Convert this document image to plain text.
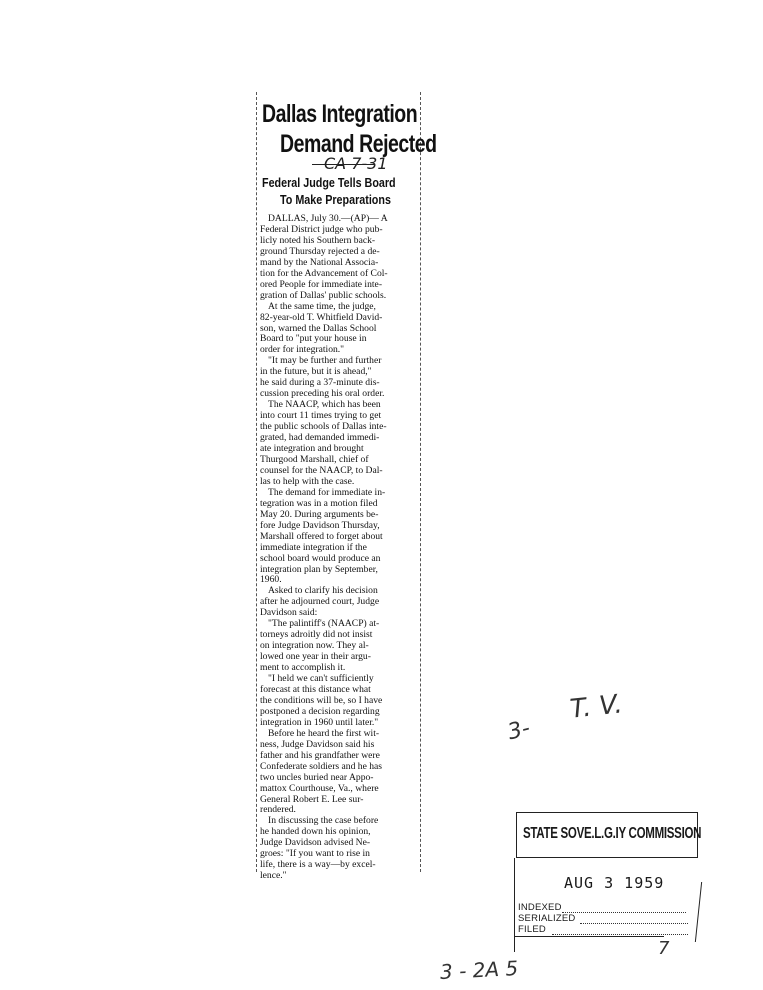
Dallas Integration
Demand Rejected
CA 7-31
Federal Judge Tells Board
To Make Preparations
DALLAS, July 30.—(AP)— A
Federal District judge who pub-
licly noted his Southern back-
ground Thursday rejected a de-
mand by the National Associa-
tion for the Advancement of Col-
ored People for immediate inte-
gration of Dallas' public schools.
At the same time, the judge,
82-year-old T. Whitfield David-
son, warned the Dallas School
Board to "put your house in
order for integration."
"It may be further and further
in the future, but it is ahead,"
he said during a 37-minute dis-
cussion preceding his oral order.
The NAACP, which has been
into court 11 times trying to get
the public schools of Dallas inte-
grated, had demanded immedi-
ate integration and brought
Thurgood Marshall, chief of
counsel for the NAACP, to Dal-
las to help with the case.
The demand for immediate in-
tegration was in a motion filed
May 20. During arguments be-
fore Judge Davidson Thursday,
Marshall offered to forget about
immediate integration if the
school board would produce an
integration plan by September,
1960.
Asked to clarify his decision
after he adjourned court, Judge
Davidson said:
"The palintiff's (NAACP) at-
torneys adroitly did not insist
on integration now. They al-
lowed one year in their argu-
ment to accomplish it.
"I held we can't sufficiently
forecast at this distance what
the conditions will be, so I have
postponed a decision regarding
integration in 1960 until later."
Before he heard the first wit-
ness, Judge Davidson said his
father and his grandfather were
Confederate soldiers and he has
two uncles buried near Appo-
mattox Courthouse, Va., where
General Robert E. Lee sur-
rendered.
In discussing the case before
he handed down his opinion,
Judge Davidson advised Ne-
groes: "If you want to rise in
life, there is a way—by excel-
lence."
T. V.
3-
STATE SOVE.L.G.IY COMMISSION
AUG 3 1959
INDEXED
SERIALIZED
FILED
7
3 - 2A 5
